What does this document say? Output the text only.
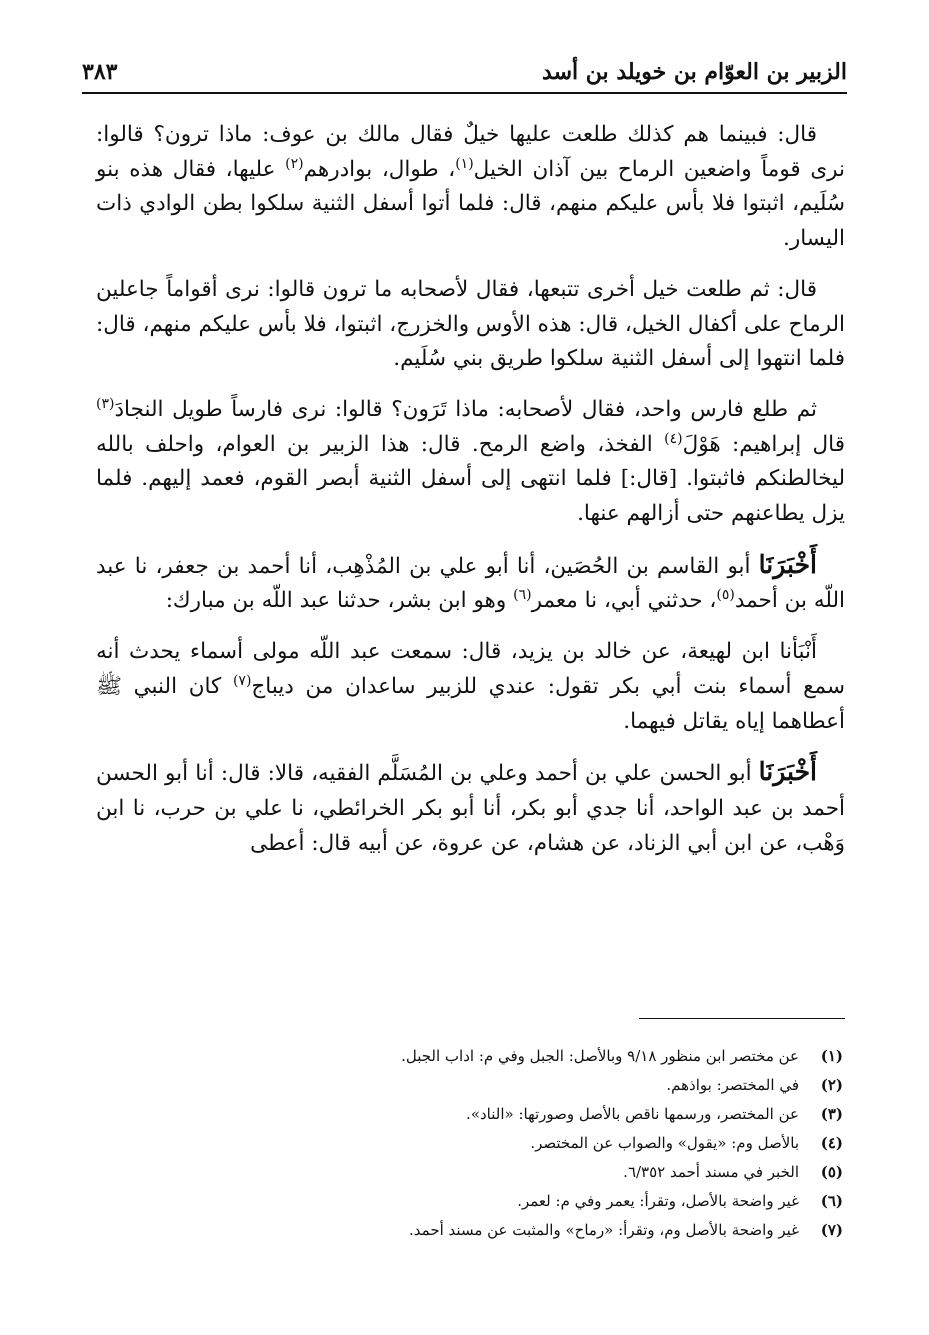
الزبير بن العوّام بن خويلد بن أسد
٣٨٣

قال: فبينما هم كذلك طلعت عليها خيلٌ فقال مالك بن عوف: ماذا ترون؟ قالوا: نرى قوماً واضعين الرماح بين آذان الخيل$^{(١)}$، طوال، بوادرهم$^{(٢)}$ عليها، فقال هذه بنو سُلَيم، اثبتوا فلا بأس عليكم منهم، قال: فلما أتوا أسفل الثنية سلكوا بطن الوادي ذات اليسار.

قال: ثم طلعت خيل أخرى تتبعها، فقال لأصحابه ما ترون قالوا: نرى أقواماً جاعلين الرماح على أكفال الخيل، قال: هذه الأوس والخزرج، اثبتوا، فلا بأس عليكم منهم، قال: فلما انتهوا إلى أسفل الثنية سلكوا طريق بني سُلَيم.

ثم طلع فارس واحد، فقال لأصحابه: ماذا تَرَون؟ قالوا: نرى فارساً طويل النجادَ$^{(٣)}$ قال إبراهيم: هَوْلَ$^{(٤)}$ الفخذ، واضع الرمح. قال: هذا الزبير بن العوام، واحلف بالله ليخالطنكم فاثبتوا. [قال:] فلما انتهى إلى أسفل الثنية أبصر القوم، فعمد إليهم. فلما يزل يطاعنهم حتى أزالهم عنها.

أَخْبَرَنَا أبو القاسم بن الحُصَين، أنا أبو علي بن المُذْهِب، أنا أحمد بن جعفر، نا عبد اللّه بن أحمد$^{(٥)}$، حدثني أبي، نا معمر$^{(٦)}$ وهو ابن بشر، حدثنا عبد اللّه بن مبارك:

أَنْبَأنا ابن لهيعة، عن خالد بن يزيد، قال: سمعت عبد اللّه مولى أسماء يحدث أنه سمع أسماء بنت أبي بكر تقول: عندي للزبير ساعدان من ديباج$^{(٧)}$ كان النبي ﷺ أعطاهما إياه يقاتل فيهما.

أَخْبَرَنَا أبو الحسن علي بن أحمد وعلي بن المُسَلَّم الفقيه، قالا: قال: أنا أبو الحسن أحمد بن عبد الواحد، أنا جدي أبو بكر، أنا أبو بكر الخرائطي، نا علي بن حرب، نا ابن وَهْب، عن ابن أبي الزناد، عن هشام، عن عروة، عن أبيه قال: أعطى

(١)
عن مختصر ابن منظور ٩/١٨ وبالأصل: الجبل وفي م: اداب الجبل.
(٢)
في المختصر: بواذهم.
(٣)
عن المختصر، ورسمها ناقص بالأصل وصورتها: «الناد».
(٤)
بالأصل وم: «يقول» والصواب عن المختصر.
(٥)
الخبر في مسند أحمد ٦/٣٥٢.
(٦)
غير واضحة بالأصل، وتقرأ: يعمر وفي م: لعمر.
(٧)
غير واضحة بالأصل وم، وتقرأ: «رماح» والمثبت عن مسند أحمد.
